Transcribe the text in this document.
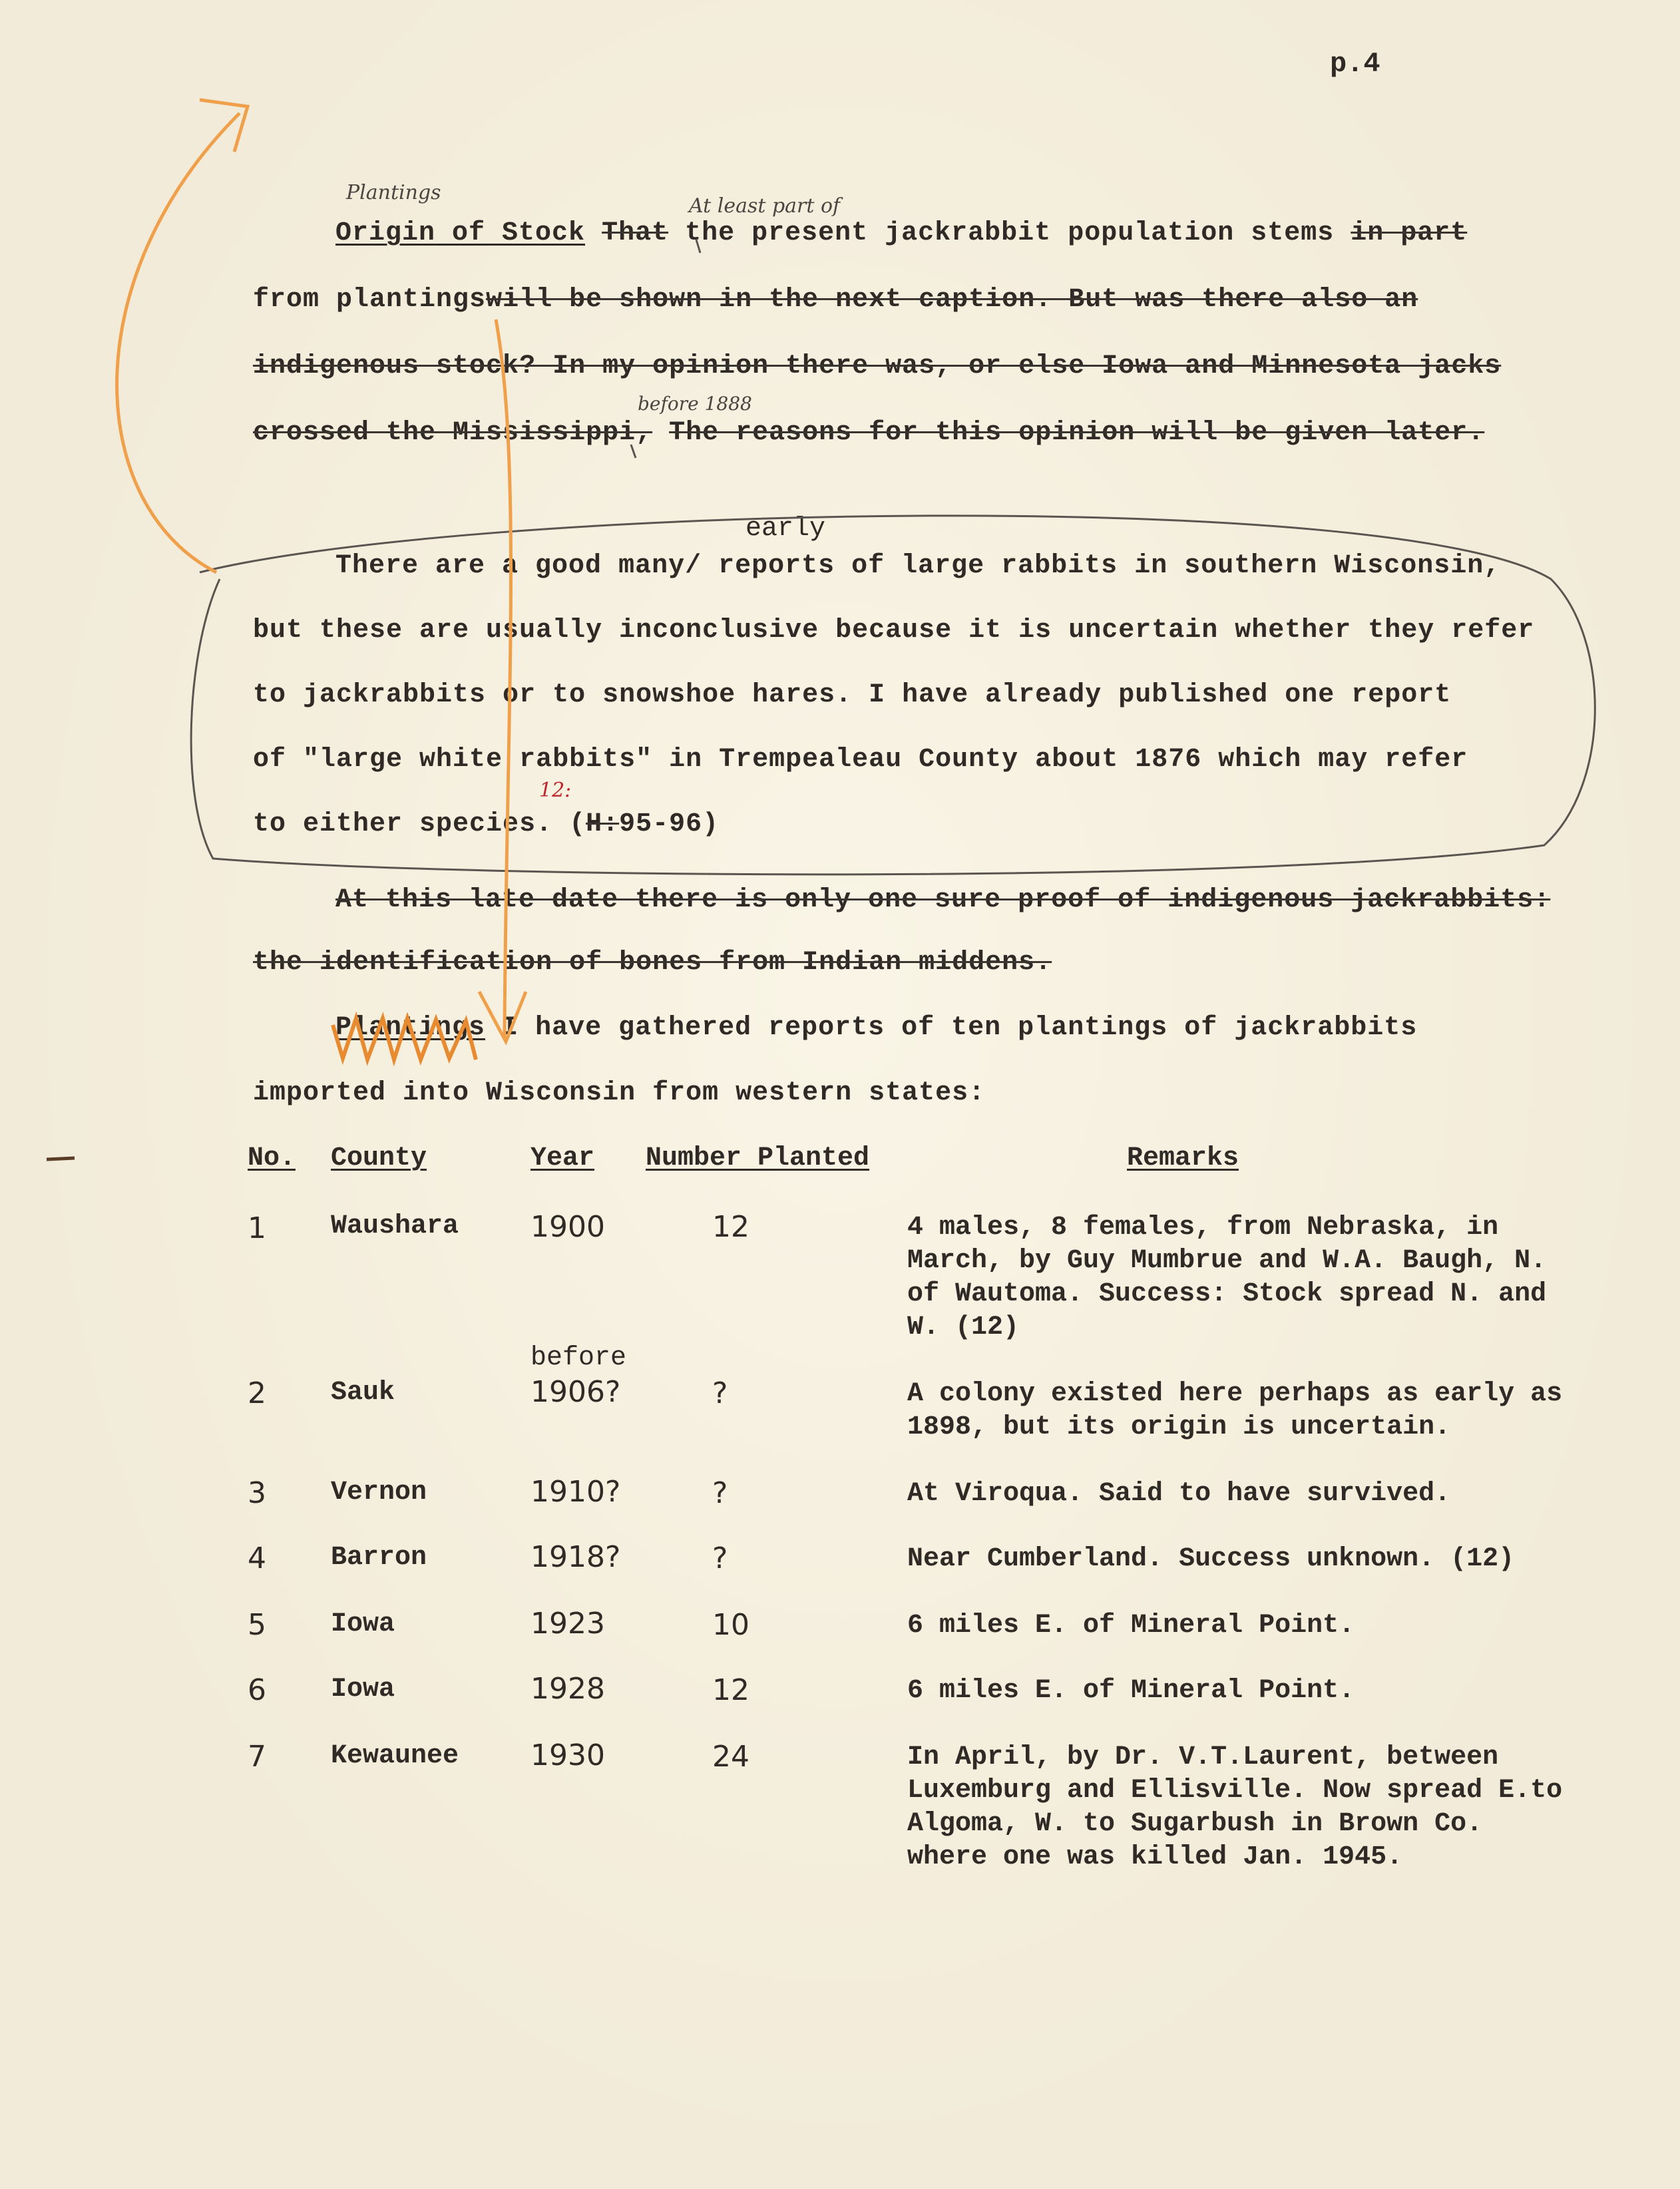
p.4
Plantings
At least part of
Origin of Stock That the present jackrabbit population stems in part
from plantingswill be shown in the next caption. But was there also an
indigenous stock? In my opinion there was, or else Iowa and Minnesota jacks
before 1888
crossed the Mississippi, The reasons for this opinion will be given later.
early
There are a good many/ reports of large rabbits in southern Wisconsin,
but these are usually inconclusive because it is uncertain whether they refer
to jackrabbits or to snowshoe hares. I have already published one report
of "large white rabbits" in Trempealeau County about 1876 which may refer
12:
to either species. (H:95-96)
At this late date there is only one sure proof of indigenous jackrabbits:
the identification of bones from Indian middens.
Plantings I have gathered reports of ten plantings of jackrabbits
imported into Wisconsin from western states:
No. County	Year Number Planted	Remarks
1 Waushara 1900	12	4 males, 8 females, from Nebraska, in March, by Guy Mumbrue and W.A. Baugh, N. of Wautoma. Success: Stock spread N. and W. (12)
before
2 Sauk	1906?	?	A colony existed here perhaps as early as 1898, but its origin is uncertain.
3 Vernon	1910?	?	At Viroqua. Said to have survived.
4 Barron	1918?	?	Near Cumberland. Success unknown. (12)
5 Iowa	1923	10	6 miles E. of Mineral Point.
6 Iowa	1928	12	6 miles E. of Mineral Point.
7 Kewaunee 1930	24	In April, by Dr. V.T.Laurent, between Luxemburg and Ellisville. Now spread E.to Algoma, W. to Sugarbush in Brown Co. where one was killed Jan. 1945.
